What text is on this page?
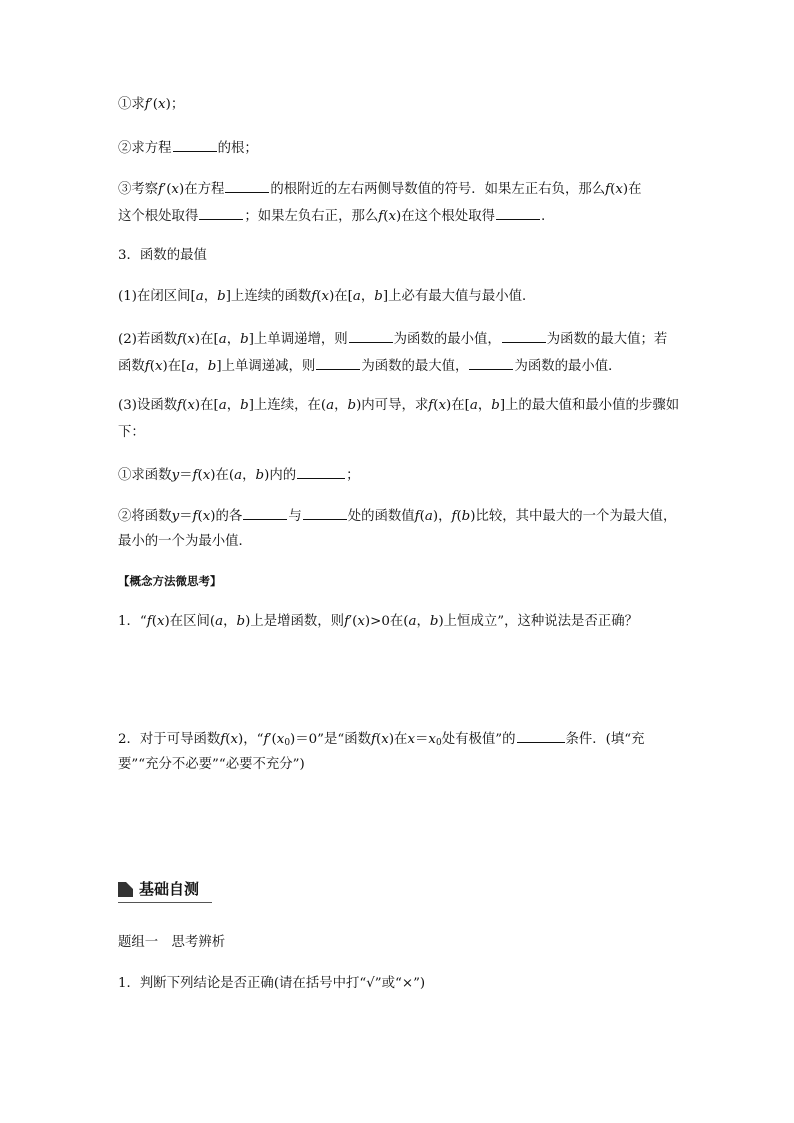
①求f′(x)；
②求方程	的根；
③考察f′(x)在方程	的根附近的左右两侧导数值的符号．如果左正右负，那么f(x)在
这个根处取得	；如果左负右正，那么f(x)在这个根处取得	.
3．函数的最值
(1)在闭区间[a，b]上连续的函数f(x)在[a，b]上必有最大值与最小值．
(2)若函数f(x)在[a，b]上单调递增，则	为函数的最小值，	为函数的最大值；若
函数f(x)在[a，b]上单调递减，则	为函数的最大值，	为函数的最小值．
(3)设函数f(x)在[a，b]上连续，在(a，b)内可导，求f(x)在[a，b]上的最大值和最小值的步骤如
下：
①求函数y＝f(x)在(a，b)内的	；
②将函数y＝f(x)的各	与	处的函数值f(a)，f(b)比较，其中最大的一个为最大值，
最小的一个为最小值．
【概念方法微思考】
1．“f(x)在区间(a，b)上是增函数，则f′(x)>0在(a，b)上恒成立”，这种说法是否正确？
2．对于可导函数f(x)，“$f'(x_0)=0$”是“函数f(x)在$x=x_0$处有极值”的	条件．(填“充
要”“充分不必要”“必要不充分”)
基础自测
题组一　思考辨析
1．判断下列结论是否正确(请在括号中打“√”或“×”)
